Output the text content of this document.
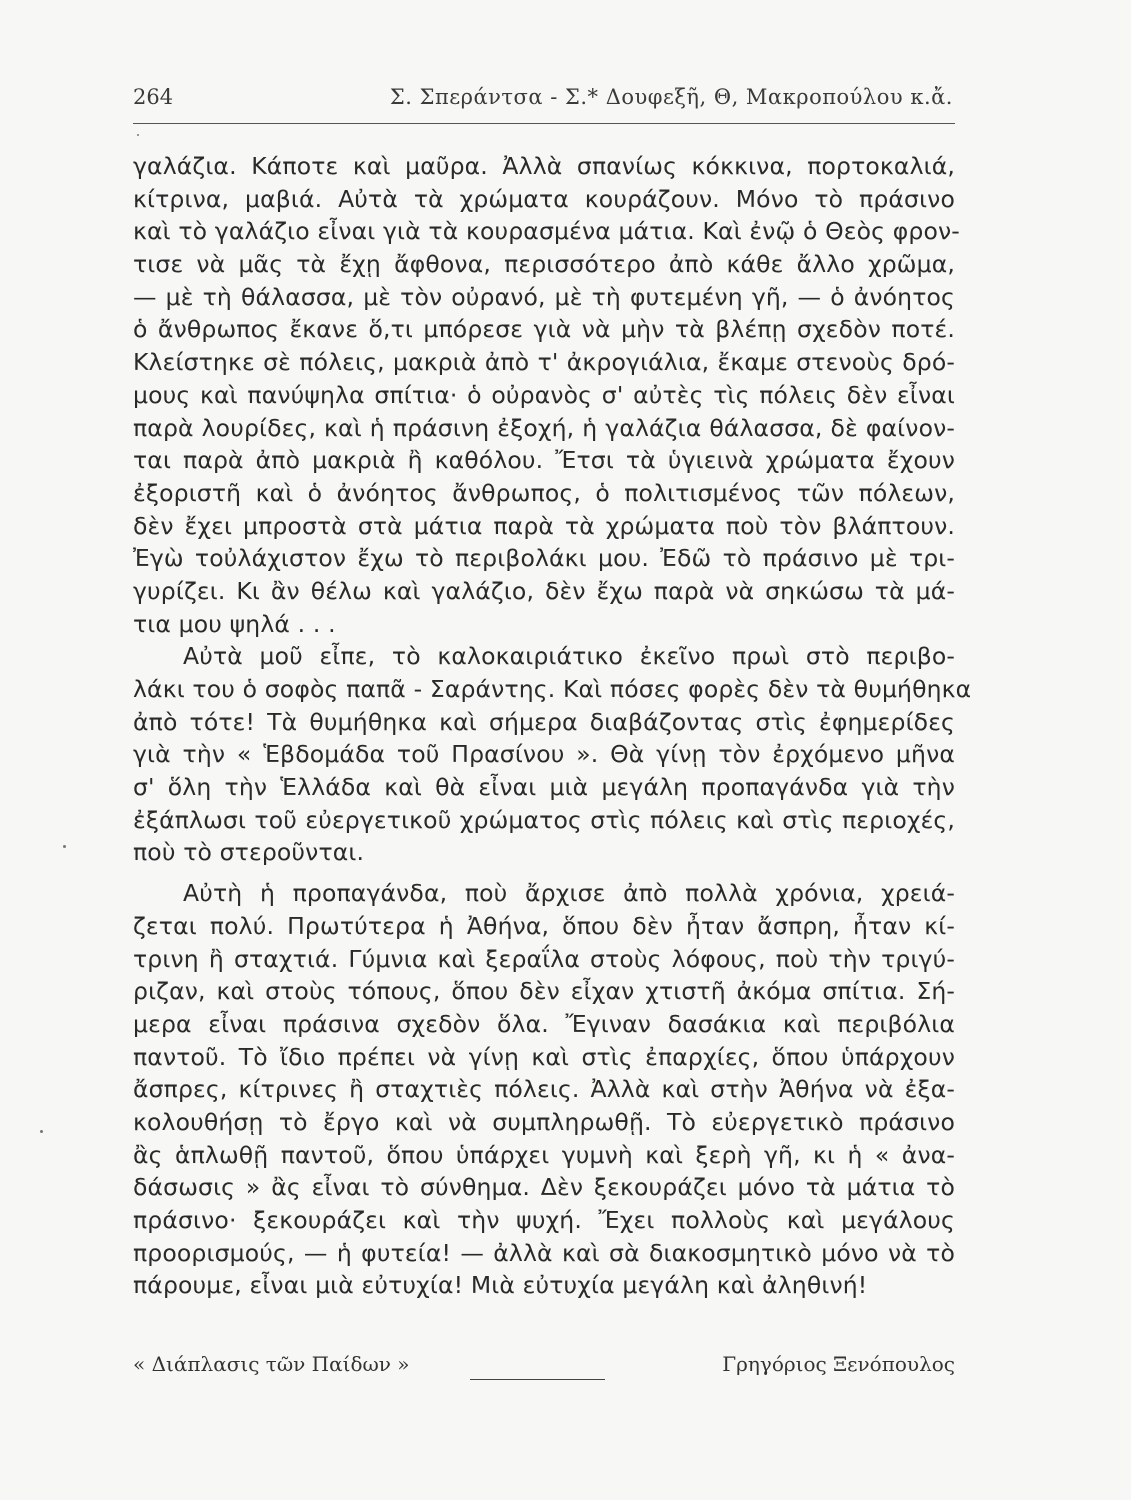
264	Σ. Σπεράντσα - Σ.* Δουφεξῆ, Θ, Μακροπούλου κ.ἄ.
γαλάζια. Κάποτε καὶ μαῦρα. Ἀλλὰ σπανίως κόκκινα, πορτοκαλιά,
κίτρινα, μαβιά. Αὐτὰ τὰ χρώματα κουράζουν. Μόνο τὸ πράσινο
καὶ τὸ γαλάζιο εἶναι γιὰ τὰ κουρασμένα μάτια. Καὶ ἐνῷ ὁ Θεὸς φρον-
τισε νὰ μᾶς τὰ ἔχῃ ἄφθονα, περισσότερο ἀπὸ κάθε ἄλλο χρῶμα,
— μὲ τὴ θάλασσα, μὲ τὸν οὐρανό, μὲ τὴ φυτεμένη γῆ, — ὁ ἀνόητος
ὁ ἄνθρωπος ἔκανε ὅ,τι μπόρεσε γιὰ νὰ μὴν τὰ βλέπῃ σχεδὸν ποτέ.
Κλείστηκε σὲ πόλεις, μακριὰ ἀπὸ τ' ἀκρογιάλια, ἔκαμε στενοὺς δρό-
μους καὶ πανύψηλα σπίτια· ὁ οὐρανὸς σ' αὐτὲς τὶς πόλεις δὲν εἶναι
παρὰ λουρίδες, καὶ ἡ πράσινη ἐξοχή, ἡ γαλάζια θάλασσα, δὲ φαίνον-
ται παρὰ ἀπὸ μακριὰ ἢ καθόλου. Ἔτσι τὰ ὑγιεινὰ χρώματα ἔχουν
ἐξοριστῆ καὶ ὁ ἀνόητος ἄνθρωπος, ὁ πολιτισμένος τῶν πόλεων,
δὲν ἔχει μπροστὰ στὰ μάτια παρὰ τὰ χρώματα ποὺ τὸν βλάπτουν.
Ἐγὼ τοὐλάχιστον ἔχω τὸ περιβολάκι μου. Ἐδῶ τὸ πράσινο μὲ τρι-
γυρίζει. Κι ἂν θέλω καὶ γαλάζιο, δὲν ἔχω παρὰ νὰ σηκώσω τὰ μά-
τια μου ψηλά . . .
Αὐτὰ μοῦ εἶπε, τὸ καλοκαιριάτικο ἐκεῖνο πρωὶ στὸ περιβο-
λάκι του ὁ σοφὸς παπᾶ - Σαράντης. Καὶ πόσες φορὲς δὲν τὰ θυμήθηκα
ἀπὸ τότε! Τὰ θυμήθηκα καὶ σήμερα διαβάζοντας στὶς ἐφημερίδες
γιὰ τὴν « Ἑβδομάδα τοῦ Πρασίνου ». Θὰ γίνῃ τὸν ἐρχόμενο μῆνα
σ' ὅλη τὴν Ἑλλάδα καὶ θὰ εἶναι μιὰ μεγάλη προπαγάνδα γιὰ τὴν
ἐξάπλωσι τοῦ εὐεργετικοῦ χρώματος στὶς πόλεις καὶ στὶς περιοχές,
ποὺ τὸ στεροῦνται.
Αὐτὴ ἡ προπαγάνδα, ποὺ ἄρχισε ἀπὸ πολλὰ χρόνια, χρειά-
ζεται πολύ. Πρωτύτερα ἡ Ἀθήνα, ὅπου δὲν ἦταν ἄσπρη, ἦταν κί-
τρινη ἢ σταχτιά. Γύμνια καὶ ξεραΐλα στοὺς λόφους, ποὺ τὴν τριγύ-
ριζαν, καὶ στοὺς τόπους, ὅπου δὲν εἶχαν χτιστῆ ἀκόμα σπίτια. Σή-
μερα εἶναι πράσινα σχεδὸν ὅλα. Ἔγιναν δασάκια καὶ περιβόλια
παντοῦ. Τὸ ἴδιο πρέπει νὰ γίνῃ καὶ στὶς ἐπαρχίες, ὅπου ὑπάρχουν
ἄσπρες, κίτρινες ἢ σταχτιὲς πόλεις. Ἀλλὰ καὶ στὴν Ἀθήνα νὰ ἐξα-
κολουθήσῃ τὸ ἔργο καὶ νὰ συμπληρωθῇ. Τὸ εὐεργετικὸ πράσινο
ἂς ἁπλωθῇ παντοῦ, ὅπου ὑπάρχει γυμνὴ καὶ ξερὴ γῆ, κι ἡ « ἀνα-
δάσωσις » ἂς εἶναι τὸ σύνθημα. Δὲν ξεκουράζει μόνο τὰ μάτια τὸ
πράσινο· ξεκουράζει καὶ τὴν ψυχή. Ἔχει πολλοὺς καὶ μεγάλους
προορισμούς, — ἡ φυτεία! — ἀλλὰ καὶ σὰ διακοσμητικὸ μόνο νὰ τὸ
πάρουμε, εἶναι μιὰ εὐτυχία! Μιὰ εὐτυχία μεγάλη καὶ ἀληθινή!
« Διάπλασις τῶν Παίδων »	Γρηγόριος Ξενόπουλος
